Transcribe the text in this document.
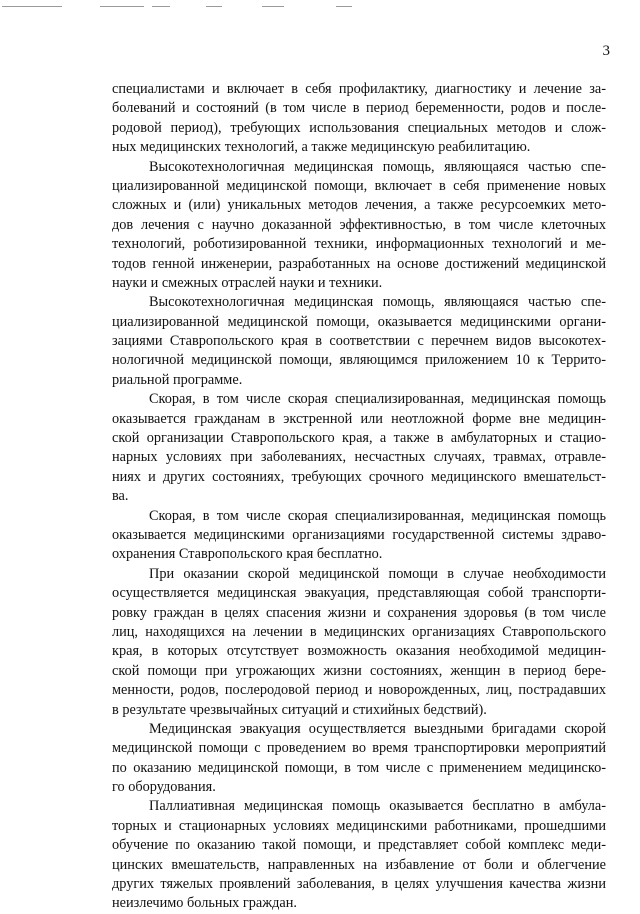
3
специалистами и включает в себя профилактику, диагностику и лечение за-
болеваний и состояний (в том числе в период беременности, родов и после-
родовой период), требующих использования специальных методов и слож-
ных медицинских технологий, а также медицинскую реабилитацию.
Высокотехнологичная медицинская помощь, являющаяся частью спе-
циализированной медицинской помощи, включает в себя применение новых
сложных и (или) уникальных методов лечения, а также ресурсоемких мето-
дов лечения с научно доказанной эффективностью, в том числе клеточных
технологий, роботизированной техники, информационных технологий и ме-
тодов генной инженерии, разработанных на основе достижений медицинской
науки и смежных отраслей науки и техники.
Высокотехнологичная медицинская помощь, являющаяся частью спе-
циализированной медицинской помощи, оказывается медицинскими органи-
зациями Ставропольского края в соответствии с перечнем видов высокотех-
нологичной медицинской помощи, являющимся приложением 10 к Террито-
риальной программе.
Скорая, в том числе скорая специализированная, медицинская помощь
оказывается гражданам в экстренной или неотложной форме вне медицин-
ской организации Ставропольского края, а также в амбулаторных и стацио-
нарных условиях при заболеваниях, несчастных случаях, травмах, отравле-
ниях и других состояниях, требующих срочного медицинского вмешательст-
ва.
Скорая, в том числе скорая специализированная, медицинская помощь
оказывается медицинскими организациями государственной системы здраво-
охранения Ставропольского края бесплатно.
При оказании скорой медицинской помощи в случае необходимости
осуществляется медицинская эвакуация, представляющая собой транспорти-
ровку граждан в целях спасения жизни и сохранения здоровья (в том числе
лиц, находящихся на лечении в медицинских организациях Ставропольского
края, в которых отсутствует возможность оказания необходимой медицин-
ской помощи при угрожающих жизни состояниях, женщин в период бере-
менности, родов, послеродовой период и новорожденных, лиц, пострадавших
в результате чрезвычайных ситуаций и стихийных бедствий).
Медицинская эвакуация осуществляется выездными бригадами скорой
медицинской помощи с проведением во время транспортировки мероприятий
по оказанию медицинской помощи, в том числе с применением медицинско-
го оборудования.
Паллиативная медицинская помощь оказывается бесплатно в амбула-
торных и стационарных условиях медицинскими работниками, прошедшими
обучение по оказанию такой помощи, и представляет собой комплекс меди-
цинских вмешательств, направленных на избавление от боли и облегчение
других тяжелых проявлений заболевания, в целях улучшения качества жизни
неизлечимо больных граждан.
